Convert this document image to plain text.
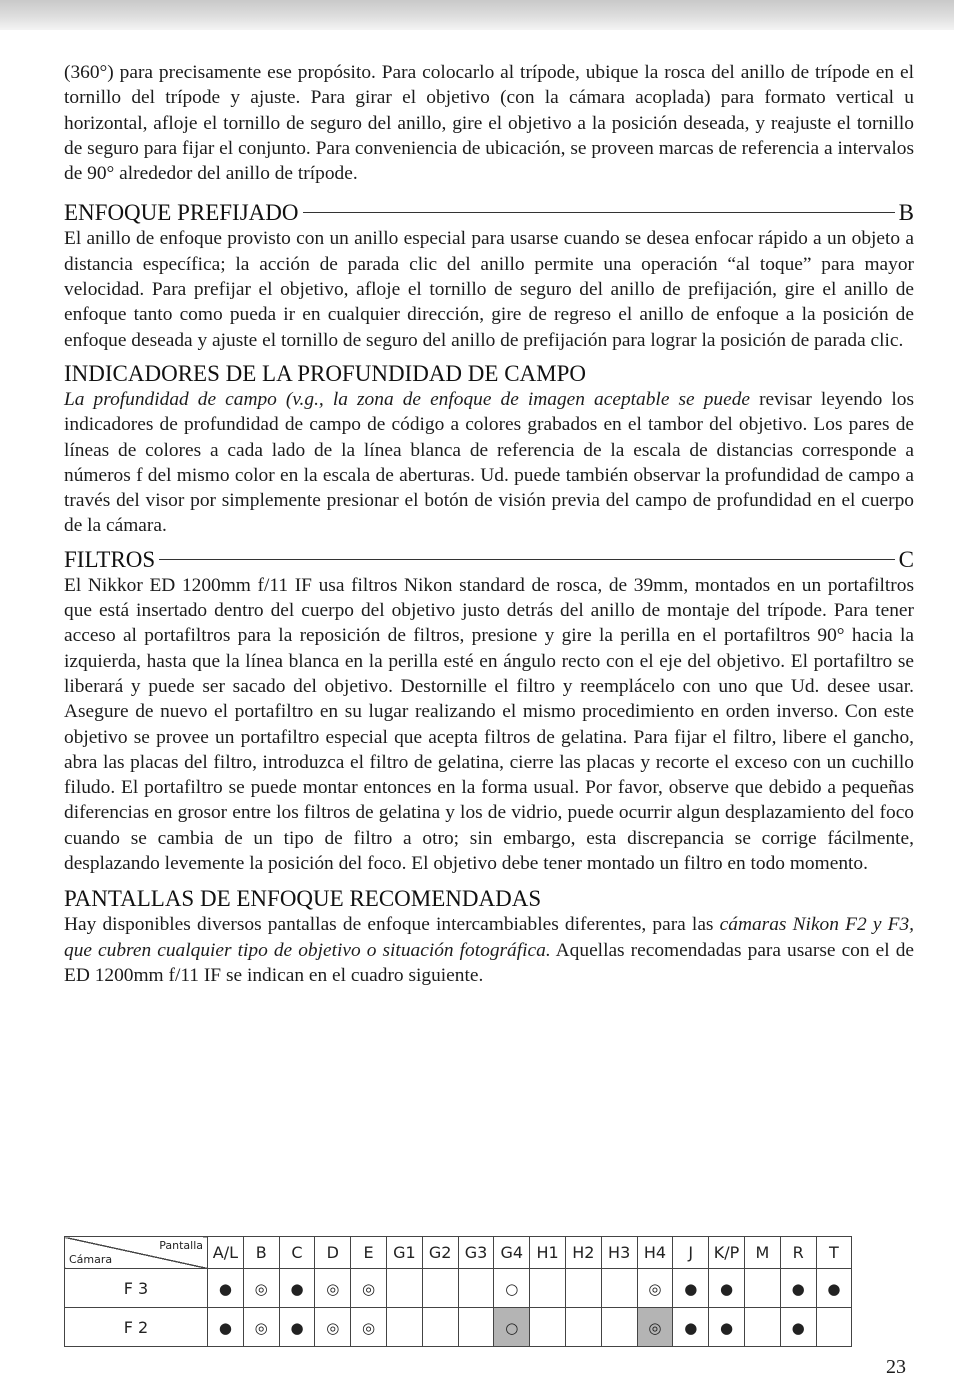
(360°) para precisamente ese propósito. Para colocarlo al trípode, ubique la rosca del anillo de trípode en el tornillo del trípode y ajuste. Para girar el objetivo (con la cámara acoplada) para formato vertical u horizontal, afloje el tornillo de seguro del anillo, gire el objetivo a la posición deseada, y reajuste el tornillo de seguro para fijar el conjunto. Para conveniencia de ubicación, se proveen marcas de referencia a intervalos de 90° alrededor del anillo de trípode.

ENFOQUE PREFIJADO	B

El anillo de enfoque provisto con un anillo especial para usarse cuando se desea enfocar rápido a un objeto a distancia específica; la acción de parada clic del anillo permite una operación “al toque” para mayor velocidad. Para prefijar el objetivo, afloje el tornillo de seguro del anillo de prefijación, gire el anillo de enfoque tanto como pueda ir en cualquier dirección, gire de regreso el anillo de enfoque a la posición de enfoque deseada y ajuste el tornillo de seguro del anillo de prefijación para lograr la posición de parada clic.

INDICADORES DE LA PROFUNDIDAD DE CAMPO

La profundidad de campo (v.g., la zona de enfoque de imagen aceptable se puede revisar leyendo los indicadores de profundidad de campo de código a colores grabados en el tambor del objetivo. Los pares de líneas de colores a cada lado de la línea blanca de referencia de la escala de distancias corresponde a números f del mismo color en la escala de aberturas. Ud. puede también observar la profundidad de campo a través del visor por simplemente presionar el botón de visión previa del campo de profundidad en el cuerpo de la cámara.

FILTROS	C

El Nikkor ED 1200mm f/11 IF usa filtros Nikon standard de rosca, de 39mm, montados en un portafiltros que está insertado dentro del cuerpo del objetivo justo detrás del anillo de montaje del trípode. Para tener acceso al portafiltros para la reposición de filtros, presione y gire la perilla en el portafiltros 90° hacia la izquierda, hasta que la línea blanca en la perilla esté en ángulo recto con el eje del objetivo. El portafiltro se liberará y puede ser sacado del objetivo. Destornille el filtro y reemplácelo con uno que Ud. desee usar. Asegure de nuevo el portafiltro en su lugar realizando el mismo procedimiento en orden inverso. Con este objetivo se provee un portafiltro especial que acepta filtros de gelatina. Para fijar el filtro, libere el gancho, abra las placas del filtro, introduzca el filtro de gelatina, cierre las placas y recorte el exceso con un cuchillo filudo. El portafiltro se puede montar entonces en la forma usual. Por favor, observe que debido a pequeñas diferencias en grosor entre los filtros de gelatina y los de vidrio, puede ocurrir algun desplazamiento del foco cuando se cambia de un tipo de filtro a otro; sin embargo, esta discrepancia se corrige fácilmente, desplazando levemente la posición del foco. El objetivo debe tener montado un filtro en todo momento.

PANTALLAS DE ENFOQUE RECOMENDADAS

Hay disponibles diversos pantallas de enfoque intercambiables diferentes, para las cámaras Nikon F2 y F3, que cubren cualquier tipo de objetivo o situación fotográfica. Aquellas recomendadas para usarse con el de ED 1200mm f/11 IF se indican en el cuadro siguiente.

Pantalla
Cámara	A/L	B	C	D	E	G1	G2	G3	G4	H1	H2	H3	H4	J	K/P	M	R	T
F 3	●	◎	●	◎	◎				○				◎	●	●		●	●
F 2	●	◎	●	◎	◎				○				◎	●	●		●	
23
